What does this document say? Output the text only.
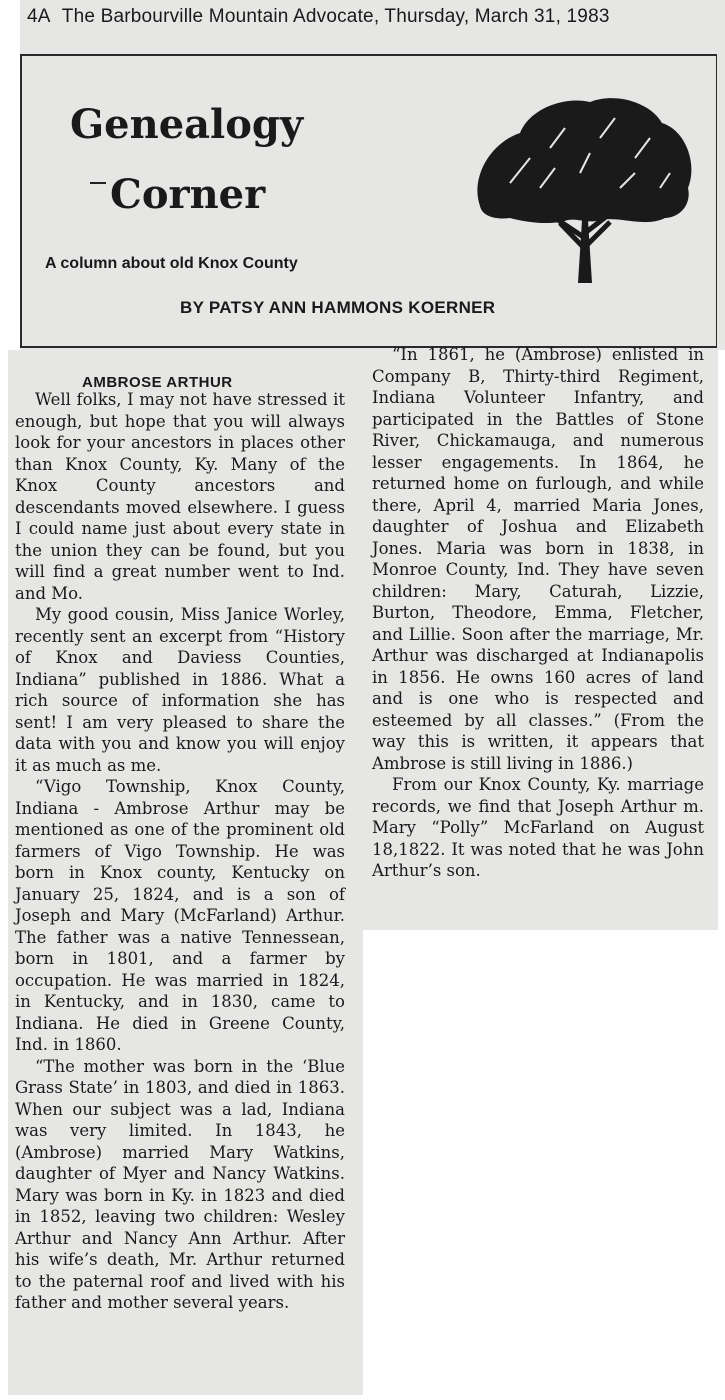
4A The Barbourville Mountain Advocate, Thursday, March 31, 1983
Genealogy
Corner
A column about old Knox County
BY PATSY ANN HAMMONS KOERNER
AMBROSE ARTHUR

Well folks, I may not have stressed it enough, but hope that you will always look for your ancestors in places other than Knox County, Ky. Many of the Knox County ancestors and descendants moved elsewhere. I guess I could name just about every state in the union they can be found, but you will find a great number went to Ind. and Mo.

My good cousin, Miss Janice Worley, recently sent an excerpt from “History of Knox and Daviess Counties, Indiana” published in 1886. What a rich source of information she has sent! I am very pleased to share the data with you and know you will enjoy it as much as me.

“Vigo Township, Knox County, Indiana - Ambrose Arthur may be mentioned as one of the prominent old farmers of Vigo Township. He was born in Knox county, Kentucky on January 25, 1824, and is a son of Joseph and Mary (McFarland) Arthur. The father was a native Tennessean, born in 1801, and a farmer by occupation. He was married in 1824, in Kentucky, and in 1830, came to Indiana. He died in Greene County, Ind. in 1860.

“The mother was born in the ‘Blue Grass State’ in 1803, and died in 1863. When our subject was a lad, Indiana was very limited. In 1843, he (Ambrose) married Mary Watkins, daughter of Myer and Nancy Watkins. Mary was born in Ky. in 1823 and died in 1852, leaving two children: Wesley Arthur and Nancy Ann Arthur. After his wife’s death, Mr. Arthur returned to the paternal roof and lived with his father and mother several years.

“In 1861, he (Ambrose) enlisted in Company B, Thirty-third Regiment, Indiana Volunteer Infantry, and participated in the Battles of Stone River, Chickamauga, and numerous lesser engagements. In 1864, he returned home on furlough, and while there, April 4, married Maria Jones, daughter of Joshua and Elizabeth Jones. Maria was born in 1838, in Monroe County, Ind. They have seven children: Mary, Caturah, Lizzie, Burton, Theodore, Emma, Fletcher, and Lillie. Soon after the marriage, Mr. Arthur was discharged at Indianapolis in 1856. He owns 160 acres of land and is one who is respected and esteemed by all classes.” (From the way this is written, it appears that Ambrose is still living in 1886.)

From our Knox County, Ky. marriage records, we find that Joseph Arthur m. Mary “Polly” McFarland on August 18,1822. It was noted that he was John Arthur’s son.
